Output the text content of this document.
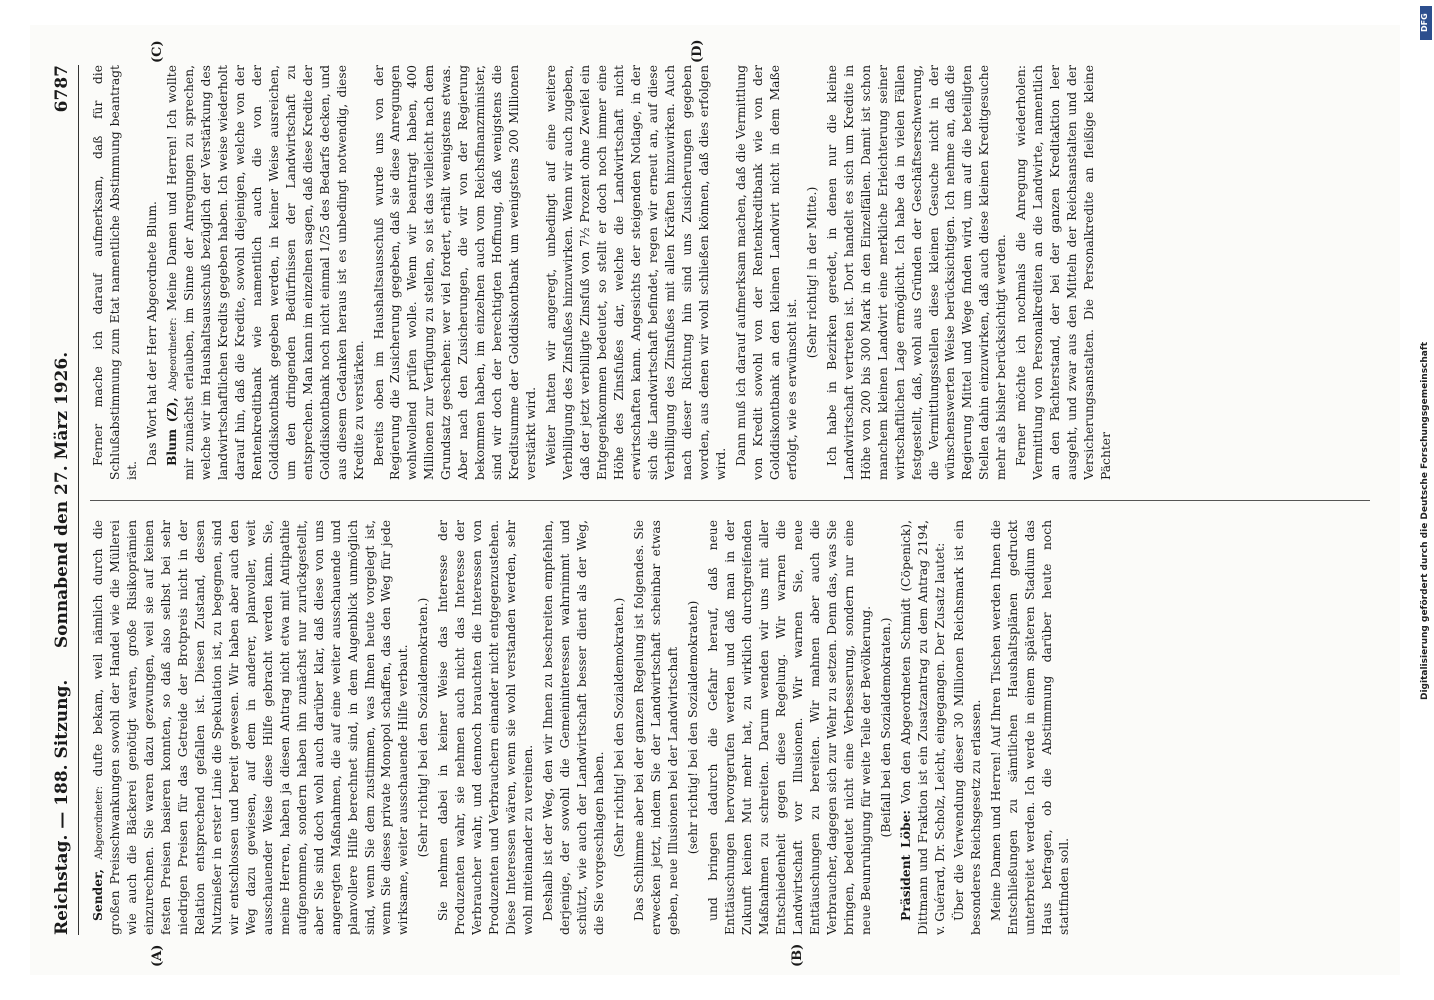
Reichstag. — 188. Sitzung.
Sonnabend den 27. März 1926.
6787
(A)	(B)
(C)	(D)

Sender, Abgeordneter: dufte bekam, weil nämlich durch die großen Preisschwankungen sowohl der Handel wie die Müllerei wie auch die Bäckerei genötigt waren, große Risikoprämien einzurechnen. Sie waren dazu gezwungen, weil sie auf keinen festen Preisen basieren konnten, so daß also selbst bei sehr niedrigen Preisen für das Getreide der Brotpreis nicht in der Relation entsprechend gefallen ist. Diesen Zustand, dessen Nutznießer in erster Linie die Spekulation ist, zu begegnen, sind wir entschlossen und bereit gewesen. Wir haben aber auch den Weg dazu gewiesen, auf dem in anderer, planvoller, weit ausschauender Weise diese Hilfe gebracht werden kann. Sie, meine Herren, haben ja diesen Antrag nicht etwa mit Antipathie aufgenommen, sondern haben ihn zunächst nur zurückgestellt, aber Sie sind doch wohl auch darüber klar, daß diese von uns angeregten Maßnahmen, die auf eine weiter ausschauende und planvollere Hilfe berechnet sind, in dem Augenblick unmöglich sind, wenn Sie dem zustimmen, was Ihnen heute vorgelegt ist, wenn Sie dieses private Monopol schaffen, das den Weg für jede wirksame, weiter ausschauende Hilfe verbaut. (Sehr richtig! bei den Sozialdemokraten.) Sie nehmen dabei in keiner Weise das Interesse der Produzenten wahr, sie nehmen auch nicht das Interesse der Verbraucher wahr, und dennoch brauchten die Interessen von Produzenten und Verbrauchern einander nicht entgegenzustehen. Diese Interessen wären, wenn sie wohl verstanden werden, sehr wohl miteinander zu vereinen. Deshalb ist der Weg, den wir Ihnen zu beschreiten empfehlen, derjenige, der sowohl die Gemeininteressen wahrnimmt und schützt, wie auch der Landwirtschaft besser dient als der Weg, die Sie vorgeschlagen haben. (Sehr richtig! bei den Sozialdemokraten.) Das Schlimme aber bei der ganzen Regelung ist folgendes. Sie erwecken jetzt, indem Sie der Landwirtschaft scheinbar etwas geben, neue Illusionen bei der Landwirtschaft (sehr richtig! bei den Sozialdemokraten) und bringen dadurch die Gefahr herauf, daß neue Enttäuschungen hervorgerufen werden und daß man in der Zukunft keinen Mut mehr hat, zu wirklich durchgreifenden Maßnahmen zu schreiten. Darum wenden wir uns mit aller Entschiedenheit gegen diese Regelung. Wir warnen die Landwirtschaft vor Illusionen. Wir warnen Sie, neue Enttäuschungen zu bereiten. Wir mahnen aber auch die Verbraucher, dagegen sich zur Wehr zu setzen. Denn das, was Sie bringen, bedeutet nicht eine Verbesserung, sondern nur eine neue Beunruhigung für weite Teile der Bevölkerung. (Beifall bei den Sozialdemokraten.)

Präsident Löbe: Von den Abgeordneten Schmidt (Cöpenick), Dittmann und Fraktion ist ein Zusatzantrag zu dem Antrag 2194, v. Guérard, Dr. Scholz, Leicht, eingegangen. Der Zusatz lautet: Über die Verwendung dieser 30 Millionen Reichsmark ist ein besonderes Reichsgesetz zu erlassen. Meine Damen und Herren! Auf Ihren Tischen werden Ihnen die Entschließungen zu sämtlichen Haushaltsplänen gedruckt unterbreitet werden. Ich werde in einem späteren Stadium das Haus befragen, ob die Abstimmung darüber heute noch stattfinden soll.

Ferner mache ich darauf aufmerksam, daß für die Schlußabstimmung zum Etat namentliche Abstimmung beantragt ist.

Das Wort hat der Herr Abgeordnete Blum. Blum (Z), Abgeordneter: Meine Damen und Herren! Ich wollte mir zunächst erlauben, im Sinne der Anregungen zu sprechen, welche wir im Haushaltsausschuß bezüglich der Verstärkung des landwirtschaftlichen Kredits gegeben haben. Ich weise wiederholt darauf hin, daß die Kredite, sowohl diejenigen, welche von der Rentenkreditbank wie namentlich auch die von der Golddiskontbank gegeben werden, in keiner Weise ausreichen, um den dringenden Bedürfnissen der Landwirtschaft zu entsprechen. Man kann im einzelnen sagen, daß diese Kredite der Golddiskontbank noch nicht einmal 1/25 des Bedarfs decken, und aus diesem Gedanken heraus ist es unbedingt notwendig, diese Kredite zu verstärken. Bereits oben im Haushaltsausschuß wurde uns von der Regierung die Zusicherung gegeben, daß sie diese Anregungen wohlwollend prüfen wolle. Wenn wir beantragt haben, 400 Millionen zur Verfügung zu stellen, so ist das vielleicht nach dem Grundsatz geschehen: wer viel fordert, erhält wenigstens etwas. Aber nach den Zusicherungen, die wir von der Regierung bekommen haben, im einzelnen auch vom Reichsfinanzminister, sind wir doch der berechtigten Hoffnung, daß wenigstens die Kreditsumme der Golddiskontbank um wenigstens 200 Millionen verstärkt wird. Weiter hatten wir angeregt, unbedingt auf eine weitere Verbilligung des Zinsfußes hinzuwirken. Wenn wir auch zugeben, daß der jetzt verbilligte Zinsfuß von 7½ Prozent ohne Zweifel ein Entgegenkommen bedeutet, so stellt er doch noch immer eine Höhe des Zinsfußes dar, welche die Landwirtschaft nicht erwirtschaften kann. Angesichts der steigenden Notlage, in der sich die Landwirtschaft befindet, regen wir erneut an, auf diese Verbilligung des Zinsfußes mit allen Kräften hinzuwirken. Auch nach dieser Richtung hin sind uns Zusicherungen gegeben worden, aus denen wir wohl schließen können, daß dies erfolgen wird. Dann muß ich darauf aufmerksam machen, daß die Vermittlung von Kredit sowohl von der Rentenkreditbank wie von der Golddiskontbank an den kleinen Landwirt nicht in dem Maße erfolgt, wie es erwünscht ist.

(Sehr richtig! in der Mitte.) Ich habe in Bezirken geredet, in denen nur die kleine Landwirtschaft vertreten ist. Dort handelt es sich um Kredite in Höhe von 200 bis 300 Mark in den Einzelfällen. Damit ist schon manchem kleinen Landwirt eine merkliche Erleichterung seiner wirtschaftlichen Lage ermöglicht. Ich habe da in vielen Fällen festgestellt, daß, wohl aus Gründen der Geschäftserschwerung, die Vermittlungsstellen diese kleinen Gesuche nicht in der wünschenswerten Weise berücksichtigen. Ich nehme an, daß die Regierung Mittel und Wege finden wird, um auf die beteiligten Stellen dahin einzuwirken, daß auch diese kleinen Kreditgesuche mehr als bisher berücksichtigt werden. Ferner möchte ich nochmals die Anregung wiederholen: Vermittlung von Personalkrediten an die Landwirte, namentlich an den Pächterstand, der bei der ganzen Kreditaktion leer ausgeht, und zwar aus den Mitteln der Reichsanstalten und der Versicherungsanstalten. Die Personalkredite an fleißige kleine Pächter

DFG
Digitalisierung gefördert durch die Deutsche Forschungsgemeinschaft
